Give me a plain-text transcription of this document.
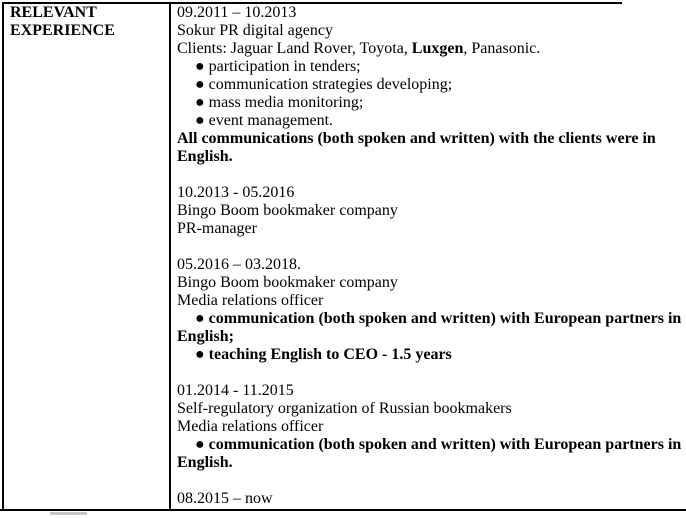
RELEVANT EXPERIENCE
09.2011 – 10.2013
Sokur PR digital agency
Clients: Jaguar Land Rover, Toyota, Luxgen, Panasonic.
● participation in tenders;
● communication strategies developing;
● mass media monitoring;
● event management.
All communications (both spoken and written) with the clients were in English.

10.2013 - 05.2016
Bingo Boom bookmaker company
PR-manager

05.2016 – 03.2018.
Bingo Boom bookmaker company
Media relations officer
● communication (both spoken and written) with European partners in English;
● teaching English to CEO - 1.5 years

01.2014 - 11.2015
Self-regulatory organization of Russian bookmakers
Media relations officer
● communication (both spoken and written) with European partners in English.

08.2015 – now
